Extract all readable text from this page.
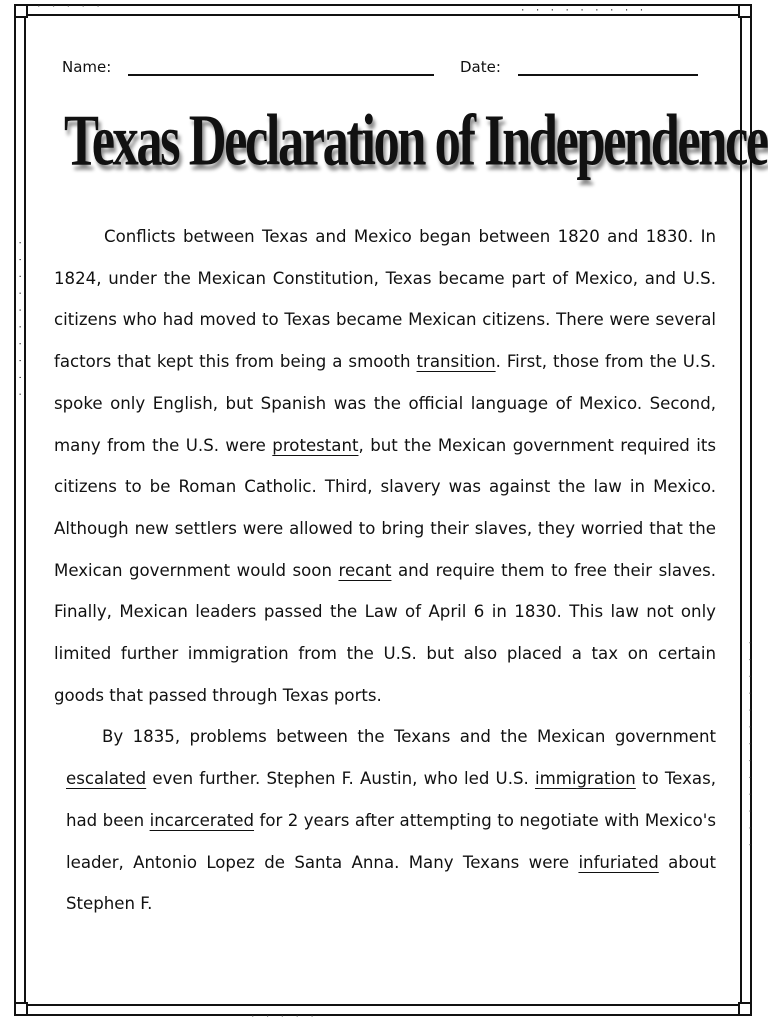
· · · · ·	· · · · · · · · ·
· · · · · · · · · ·
· · · · · · · · · · · · ·
· · · · ·
Name:	Date:
Texas Declaration of Independence

Conflicts between Texas and Mexico began between 1820 and 1830. In 1824, under the Mexican Constitution, Texas became part of Mexico, and U.S. citizens who had moved to Texas became Mexican citizens. There were several factors that kept this from being a smooth transition. First, those from the U.S. spoke only English, but Spanish was the official language of Mexico. Second, many from the U.S. were protestant, but the Mexican government required its citizens to be Roman Catholic. Third, slavery was against the law in Mexico. Although new settlers were allowed to bring their slaves, they worried that the Mexican government would soon recant and require them to free their slaves. Finally, Mexican leaders passed the Law of April 6 in 1830. This law not only limited further immigration from the U.S. but also placed a tax on certain goods that passed through Texas ports.

By 1835, problems between the Texans and the Mexican government escalated even further. Stephen F. Austin, who led U.S. immigration to Texas, had been incarcerated for 2 years after attempting to negotiate with Mexico's leader, Antonio Lopez de Santa Anna. Many Texans were infuriated about Stephen F.
